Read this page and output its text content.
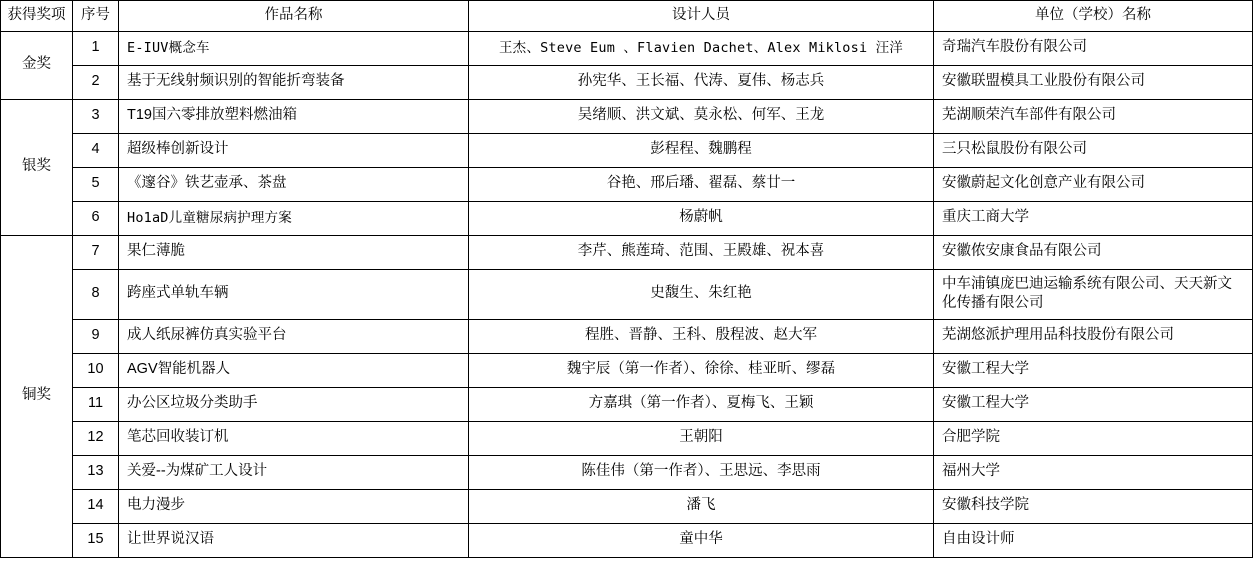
获得奖项	序号	作品名称	设计人员	单位（学校）名称
金奖	1	E-IUV概念车	王杰、Steve Eum 、Flavien Dachet、Alex Miklosi 汪洋	奇瑞汽车股份有限公司
	2	基于无线射频识别的智能折弯装备	孙宪华、王长福、代涛、夏伟、杨志兵	安徽联盟模具工业股份有限公司
银奖	3	T19国六零排放塑料燃油箱	吴绪顺、洪文斌、莫永松、何军、王龙	芜湖顺荣汽车部件有限公司
	4	超级棒创新设计	彭程程、魏鹏程	三只松鼠股份有限公司
	5	《邃谷》铁艺壶承、茶盘	谷艳、邢后璠、翟磊、蔡廿一	安徽蔚起文化创意产业有限公司
	6	Ho1aD儿童糖尿病护理方案	杨蔚帆	重庆工商大学
铜奖	7	果仁薄脆	李芹、熊莲琦、范围、王殿雄、祝本喜	安徽侬安康食品有限公司
	8	跨座式单轨车辆	史馥生、朱红艳	中车浦镇庞巴迪运输系统有限公司、天天新文化传播有限公司
	9	成人纸尿裤仿真实验平台	程胜、晋静、王科、殷程波、赵大军	芜湖悠派护理用品科技股份有限公司
	10	AGV智能机器人	魏宇辰（第一作者）、徐徐、桂亚昕、缪磊	安徽工程大学
	11	办公区垃圾分类助手	方嘉琪（第一作者）、夏梅飞、王颖	安徽工程大学
	12	笔芯回收装订机	王朝阳	合肥学院
	13	关爱--为煤矿工人设计	陈佳伟（第一作者）、王思远、李思雨	福州大学
	14	电力漫步	潘飞	安徽科技学院
	15	让世界说汉语	童中华	自由设计师
